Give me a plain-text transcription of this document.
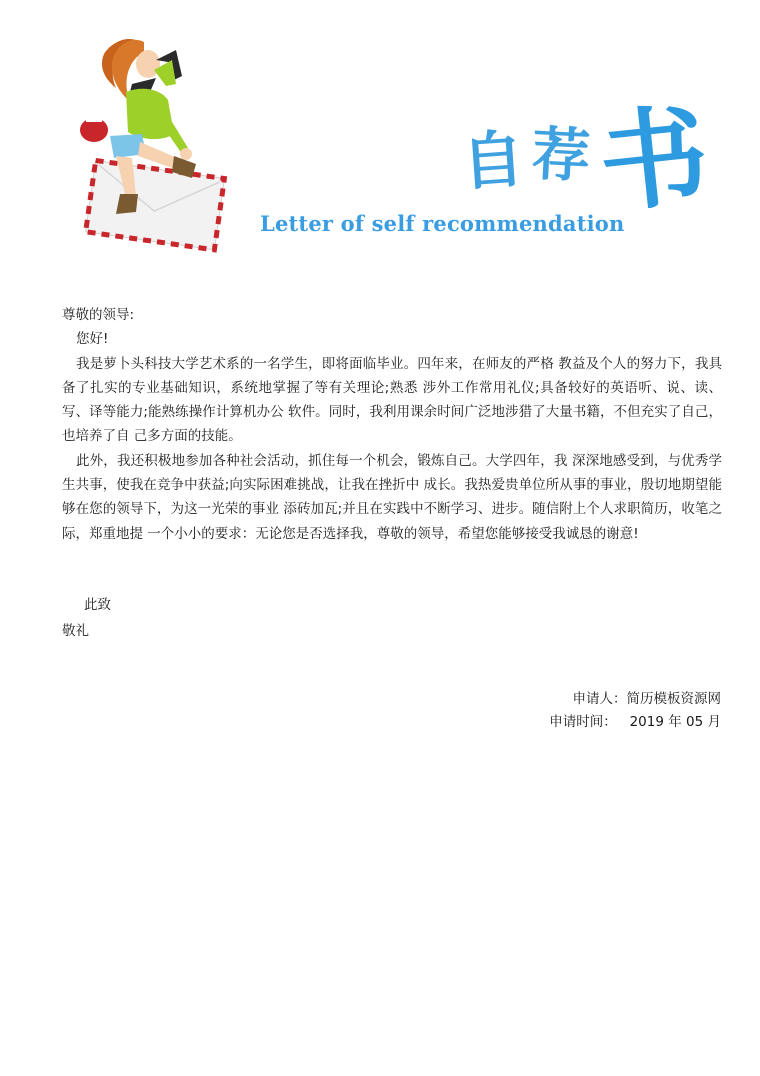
自 荐 书
Letter of self recommendation

尊敬的领导:

您好!

我是萝卜头科技大学艺术系的一名学生，即将面临毕业。四年来，在师友的严格 教益及个人的努力下，我具备了扎实的专业基础知识，系统地掌握了等有关理论;熟悉 涉外工作常用礼仪;具备较好的英语听、说、读、写、译等能力;能熟练操作计算机办公 软件。同时，我利用课余时间广泛地涉猎了大量书籍，不但充实了自己，也培养了自 己多方面的技能。

此外，我还积极地参加各种社会活动，抓住每一个机会，锻炼自己。大学四年，我 深深地感受到，与优秀学生共事，使我在竞争中获益;向实际困难挑战，让我在挫折中 成长。我热爱贵单位所从事的事业，殷切地期望能够在您的领导下，为这一光荣的事业 添砖加瓦;并且在实践中不断学习、进步。随信附上个人求职简历，收笔之际，郑重地提 一个小小的要求：无论您是否选择我，尊敬的领导，希望您能够接受我诚恳的谢意!

此致
敬礼
申请人：简历模板资源网
申请时间：   2019 年 05 月
